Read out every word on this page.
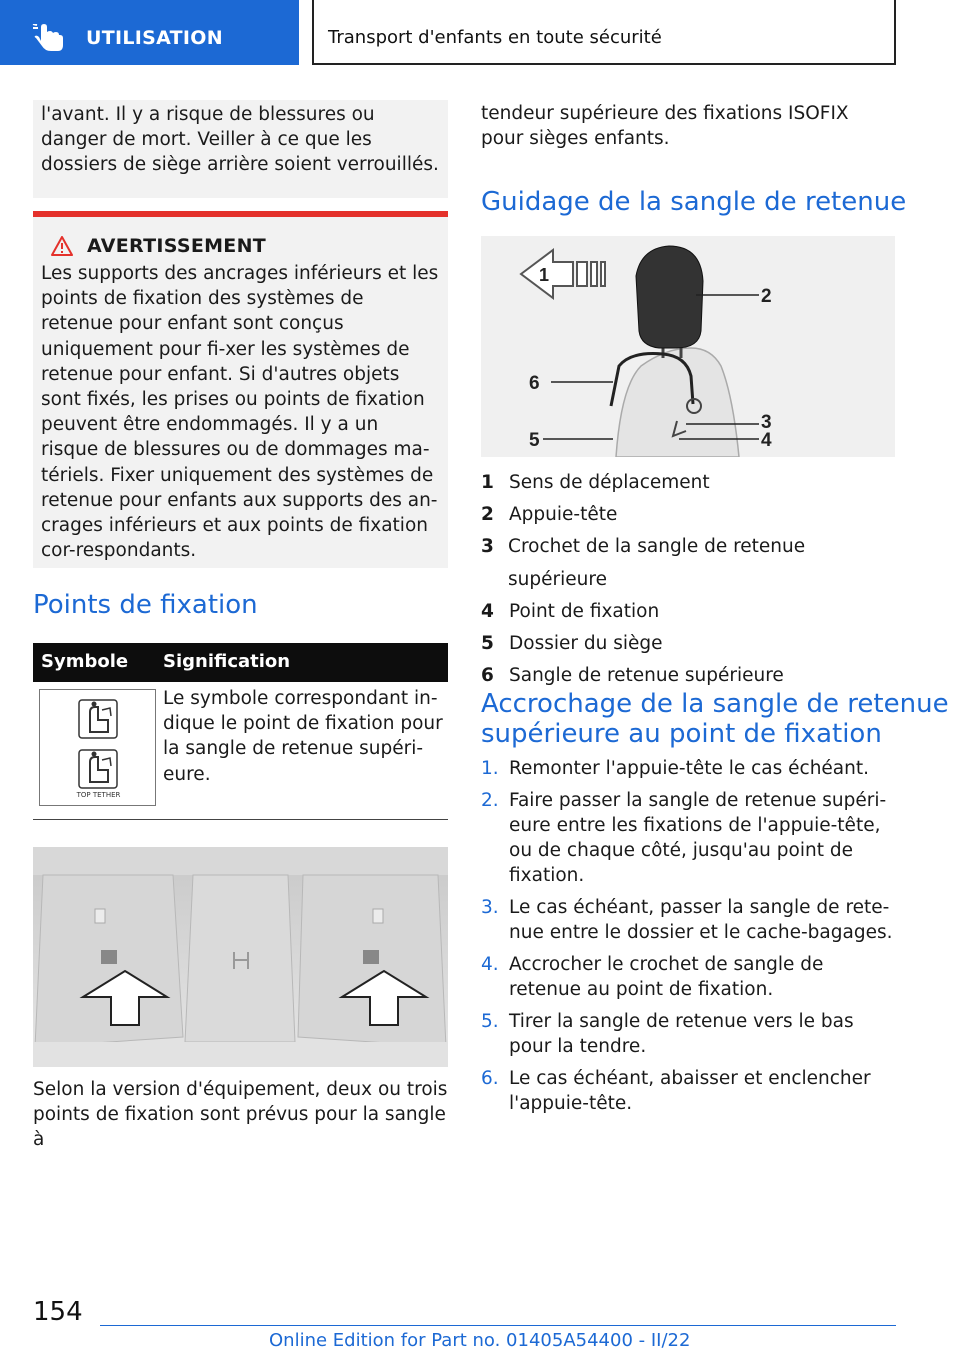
UTILISATION	Transport d'enfants en toute sécurité

l'avant. Il y a risque de blessures ou danger de mort. Veiller à ce que les dossiers de siège arrière soient verrouillés.

AVERTISSEMENT

Les supports des ancrages inférieurs et les points de fixation des systèmes de retenue pour enfant sont conçus uniquement pour fi-xer les systèmes de retenue pour enfant. Si d'autres objets sont fixés, les prises ou points de fixation peuvent être endommagés. Il y a un risque de blessures ou de dommages ma-tériels. Fixer uniquement des systèmes de retenue pour enfants aux supports des an-crages inférieurs et aux points de fixation cor-respondants.

Points de fixation
Symbole Signification
TOP TETHER

Le symbole correspondant in-dique le point de fixation pour la sangle de retenue supéri-eure.

Selon la version d'équipement, deux ou trois points de fixation sont prévus pour la sangle à

tendeur supérieure des fixations ISOFIX pour sièges enfants.

Guidage de la sangle de retenue
1
2
3
4
5
6
1 Sens de déplacement
2 Appuie-tête
3 Crochet de la sangle de retenue supérieure
4 Point de fixation
5 Dossier du siège
6 Sangle de retenue supérieure
Accrochage de la sangle de retenue
supérieure au point de fixation
1. Remonter l'appuie-tête le cas échéant.
2. Faire passer la sangle de retenue supéri-eure entre les fixations de l'appuie-tête, ou de chaque côté, jusqu'au point de fixation.
3. Le cas échéant, passer la sangle de rete-nue entre le dossier et le cache-bagages.
4. Accrocher le crochet de sangle de retenue au point de fixation.
5. Tirer la sangle de retenue vers le bas pour la tendre.
6. Le cas échéant, abaisser et enclencher l'appuie-tête.
154
Online Edition for Part no. 01405A54400 - II/22
